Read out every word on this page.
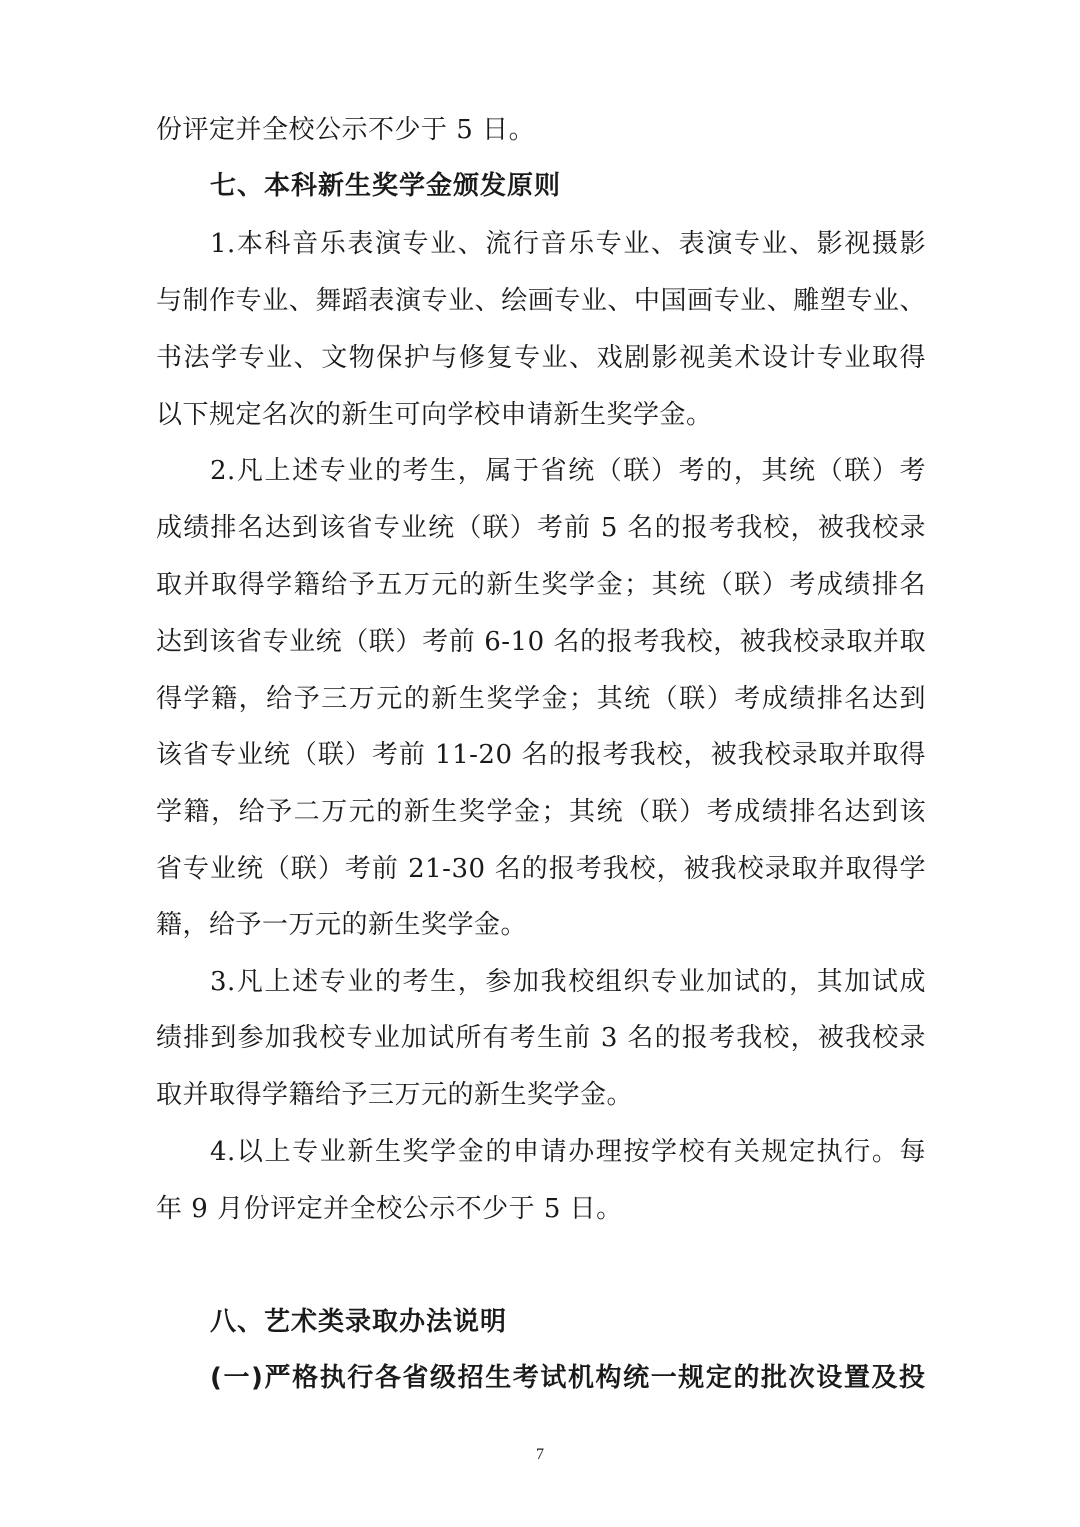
份评定并全校公示不少于 5 日。
七、本科新生奖学金颁发原则
1.本科音乐表演专业、流行音乐专业、表演专业、影视摄影
与制作专业、舞蹈表演专业、绘画专业、中国画专业、雕塑专业、
书法学专业、文物保护与修复专业、戏剧影视美术设计专业取得
以下规定名次的新生可向学校申请新生奖学金。
2.凡上述专业的考生，属于省统（联）考的，其统（联）考
成绩排名达到该省专业统（联）考前 5 名的报考我校，被我校录
取并取得学籍给予五万元的新生奖学金；其统（联）考成绩排名
达到该省专业统（联）考前 6-10 名的报考我校，被我校录取并取
得学籍，给予三万元的新生奖学金；其统（联）考成绩排名达到
该省专业统（联）考前 11-20 名的报考我校，被我校录取并取得
学籍，给予二万元的新生奖学金；其统（联）考成绩排名达到该
省专业统（联）考前 21-30 名的报考我校，被我校录取并取得学
籍，给予一万元的新生奖学金。
3.凡上述专业的考生，参加我校组织专业加试的，其加试成
绩排到参加我校专业加试所有考生前 3 名的报考我校，被我校录
取并取得学籍给予三万元的新生奖学金。
4.以上专业新生奖学金的申请办理按学校有关规定执行。每
年 9 月份评定并全校公示不少于 5 日。
八、艺术类录取办法说明
(一)严格执行各省级招生考试机构统一规定的批次设置及投
7
